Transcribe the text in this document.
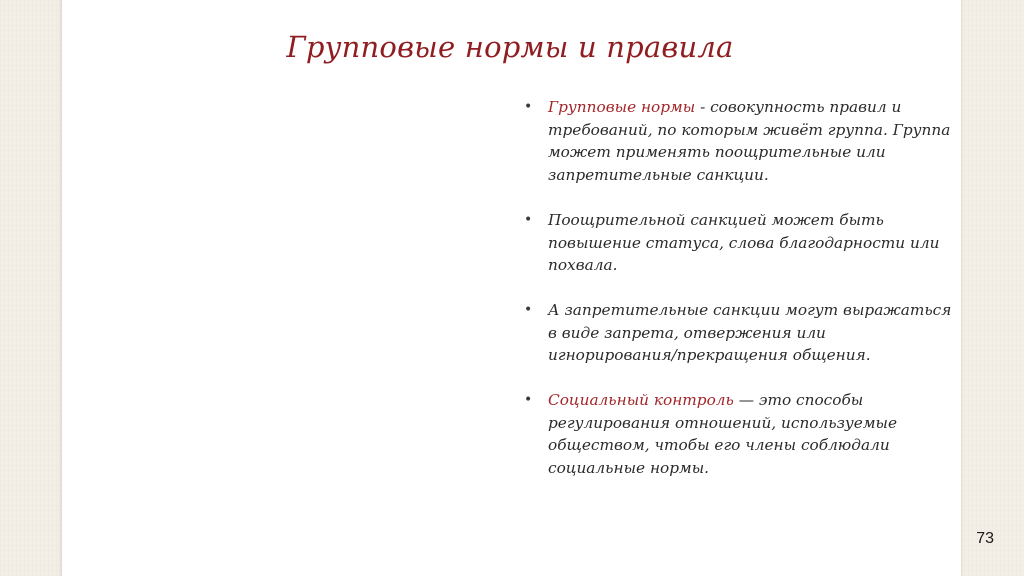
Групповые нормы и правила
• Групповые нормы - совокупность правил и требований, по которым живёт группа. Группа может применять поощрительные или запретительные санкции.
• Поощрительной санкцией может быть повышение статуса, слова благодарности или похвала.
• А запретительные санкции могут выражаться в виде запрета, отвержения или игнорирования/прекращения общения.
• Социальный контроль — это способы регулирования отношений, используемые обществом, чтобы его члены соблюдали социальные нормы.
73
